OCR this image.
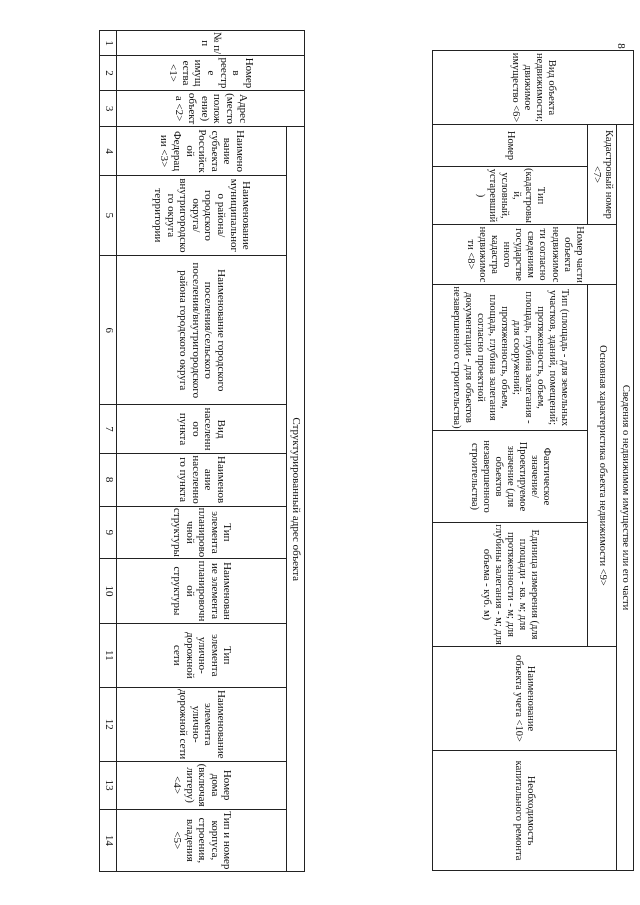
8
№ п/п	Номер в реестре имущества <1>	Адрес (местоположение) объекта <2>	Структурированный адрес объекта										
			Наименование субъекта Российской Федерации <3>	Наименование муниципального района/ городского округа/внутригородского округа территории	Наименование городского поселения/сельского поселения/внутригородского района городского округа	Вид населенного пункта	Наименование населенного пункта	Тип элемента планировочной структуры	Наименование элемента планировочной структуры	Тип элемента улично-дорожной сети	Наименование элемента улично-дорожной сети	Номер дома (включая литеру) <4>	Тип и номер корпуса, строения, владения <5>
1	2	3	4	5	6	7	8	9	10	11	12	13	14
Вид объекта недвижимости; движимое имущество <6>	Сведения о недвижимом имуществе или его части							
	Кадастровый номер <7>		Номер части объекта недвижимости согласно сведениям государственного кадастра недвижимости <8>	Основная характеристика объекта недвижимости <9>			Наименование объекта учета <10>	Необходимость капитального ремонта
	Номер	Тип (кадастровый, условный, устаревший)		Тип (площадь - для земельных участков, зданий, помещений; протяженность, объем, площадь, глубина залегания - для сооружений; протяженность, объем, площадь, глубина залегания согласно проектной документации - для объектов незавершенного строительства)	Фактическое значение/Проектируемое значение (для объектов незавершенного строительства)	Единица измерения (для площади - кв. м; для протяженности - м; для глубины залегания - м; для объема - куб. м)		
